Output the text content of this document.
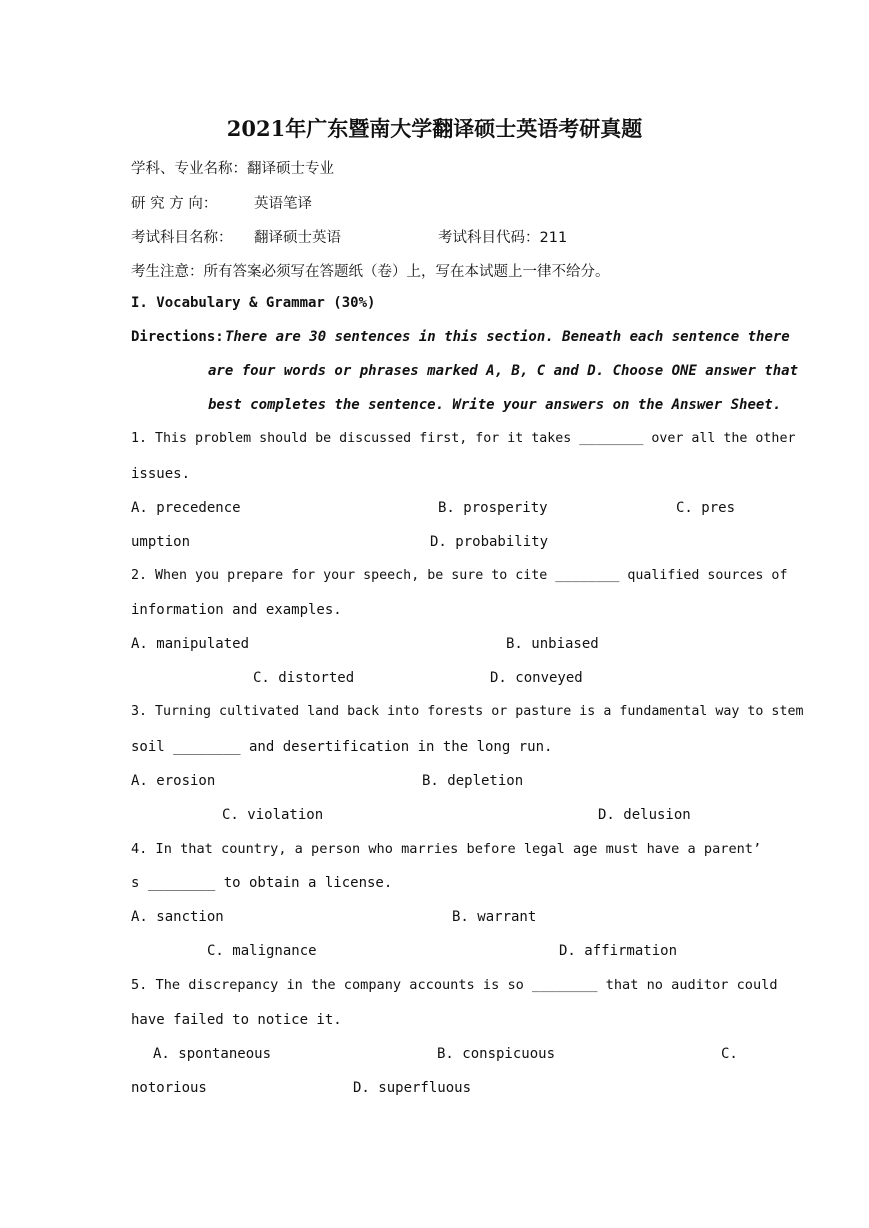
2021年广东暨南大学翻译硕士英语考研真题
学科、专业名称：翻译硕士专业
研 究 方 向：	英语笔译
考试科目名称： 翻译硕士英语	考试科目代码：211
考生注意：所有答案必须写在答题纸（卷）上，写在本试题上一律不给分。
I. Vocabulary & Grammar (30%)
Directions: There are 30 sentences in this section. Beneath each sentence there
are four words or phrases marked A, B, C and D. Choose ONE answer that
best completes the sentence. Write your answers on the Answer Sheet.
1. This problem should be discussed first, for it takes ________ over all the other
issues.
A. precedence	B. prosperity	C. pres
umption	D. probability
2. When you prepare for your speech, be sure to cite ________ qualified sources of
information and examples.
A. manipulated	B. unbiased
C. distorted	D. conveyed
3. Turning cultivated land back into forests or pasture is a fundamental way to stem
soil ________ and desertification in the long run.
A. erosion	B. depletion
C. violation	D. delusion
4. In that country, a person who marries before legal age must have a parent’
s ________ to obtain a license.
A. sanction	B. warrant
C. malignance	D. affirmation
5. The discrepancy in the company accounts is so ________ that no auditor could
have failed to notice it.
A. spontaneous	B. conspicuous	C.
notorious	D. superfluous
